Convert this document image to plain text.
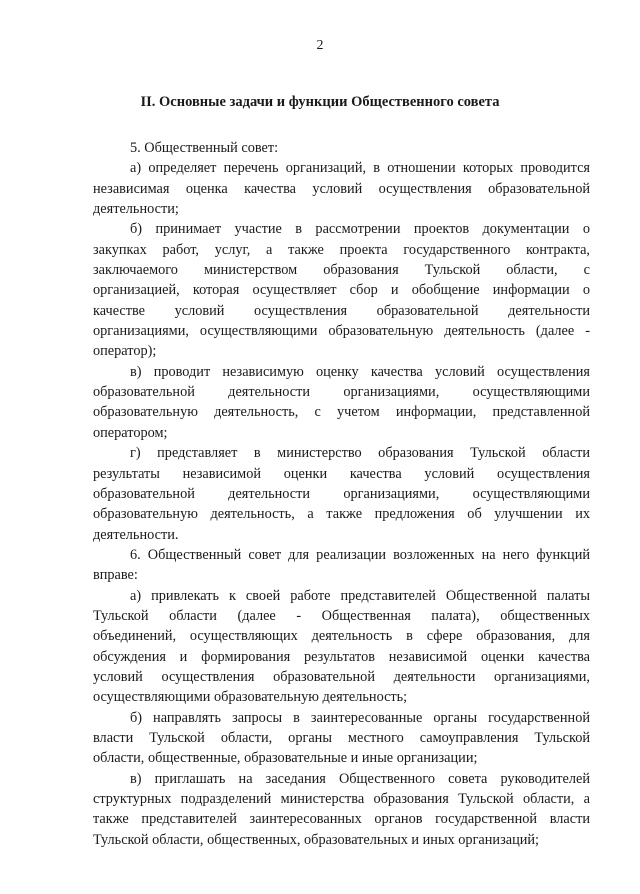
2
II. Основные задачи и функции Общественного совета
5. Общественный совет:
а) определяет перечень организаций, в отношении которых проводится
независимая оценка качества условий осуществления образовательной
деятельности;
б) принимает участие в рассмотрении проектов документации о
закупках работ, услуг, а также проекта государственного контракта,
заключаемого министерством образования Тульской области, с
организацией, которая осуществляет сбор и обобщение информации о
качестве условий осуществления образовательной деятельности
организациями, осуществляющими образовательную деятельность (далее -
оператор);
в) проводит независимую оценку качества условий осуществления
образовательной деятельности организациями, осуществляющими
образовательную деятельность, с учетом информации, представленной
оператором;
г) представляет в министерство образования Тульской области
результаты независимой оценки качества условий осуществления
образовательной деятельности организациями, осуществляющими
образовательную деятельность, а также предложения об улучшении их
деятельности.
6. Общественный совет для реализации возложенных на него функций
вправе:
а) привлекать к своей работе представителей Общественной палаты
Тульской области (далее - Общественная палата), общественных
объединений, осуществляющих деятельность в сфере образования, для
обсуждения и формирования результатов независимой оценки качества
условий осуществления образовательной деятельности организациями,
осуществляющими образовательную деятельность;
б) направлять запросы в заинтересованные органы государственной
власти Тульской области, органы местного самоуправления Тульской
области, общественные, образовательные и иные организации;
в) приглашать на заседания Общественного совета руководителей
структурных подразделений министерства образования Тульской области, а
также представителей заинтересованных органов государственной власти
Тульской области, общественных, образовательных и иных организаций;
